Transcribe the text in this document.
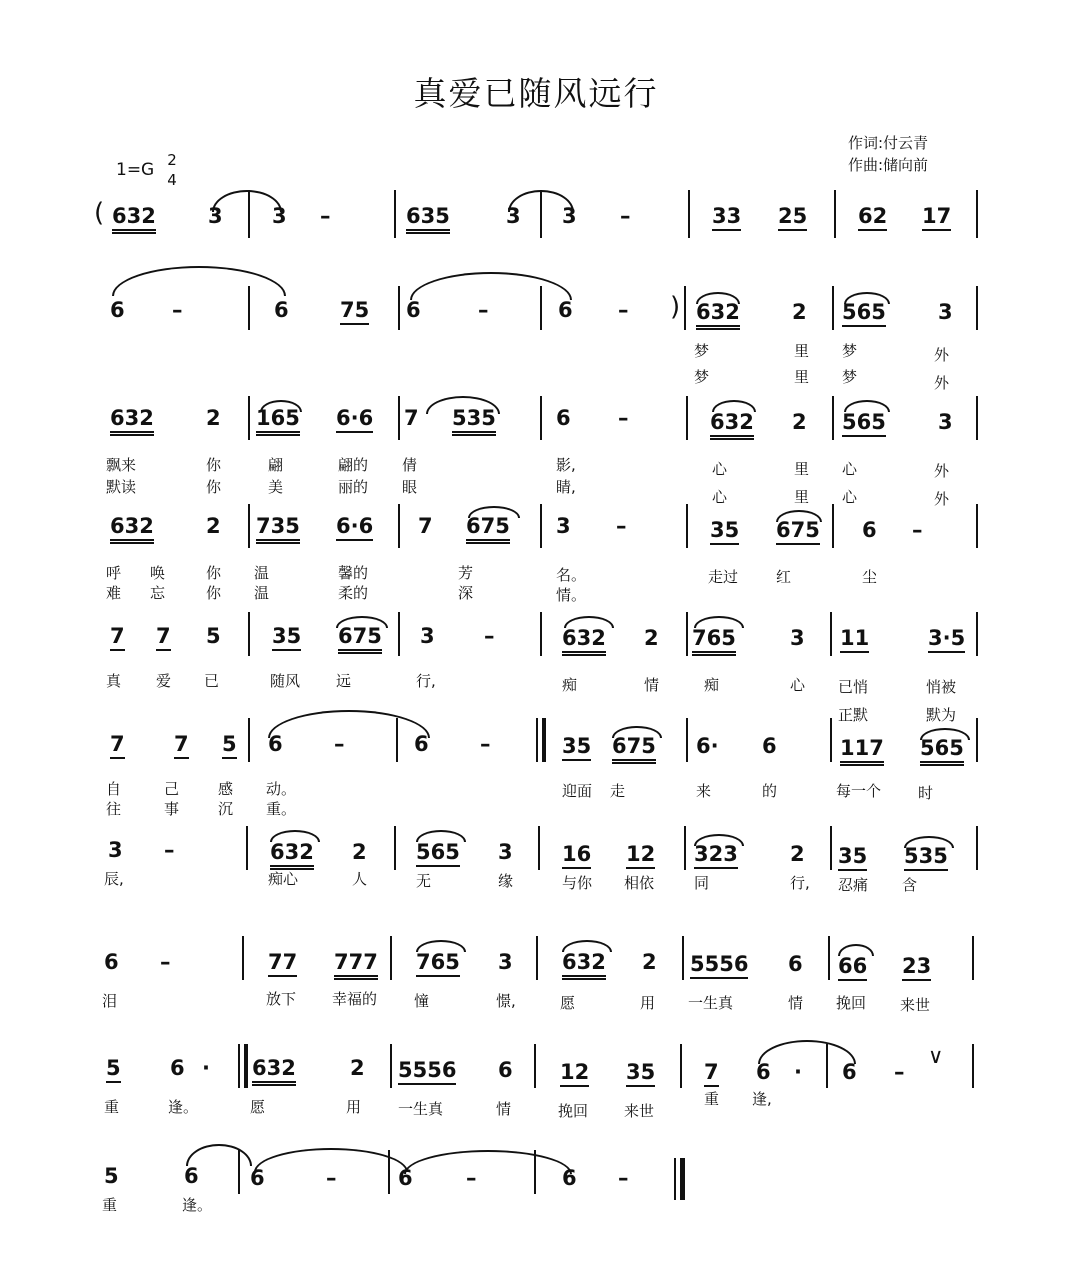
真爱已随风远行
作词:付云青
作曲:储向前
1=G 2
4
( 632 3 3 –	635	3 3 –	33 25 62 17
6 –	6 75 6	–	6 – ) 632 2 565 3
梦	里 梦	外
梦	里 梦	外
632 2 165 6·6 7 535	6 –	632 2 565 3
飘来	你	翩	翩的 倩	影,	心	里 心	外
默读	你	美	丽的 眼	睛,
心	里 心	外
632 2 735 6·6 7 675 3 –	35 675 6 –
呼 唤	你 温	馨的	芳	名。	走过	红	尘
难 忘	你 温	柔的	深	情。
7 7 5 35 675 3 –	632 2 765	3 11	3·5
真 爱 已	随风 远	行,	痴	情	痴	心 已悄	悄被
正默	默为
7 7 5 6 –	6 –	35 675 6· 6	117 565
自	己	感 动。	迎面 走	来	的	每一个 时
往	事	沉 重。
3 –	632 2 565 3 16 12 323 2 35 535
辰,	痴心	人	无	缘	与你 相依	同	行, 忍痛 含
6 –	77 777 765 3 632 2 5556 6 66 23
泪	放下 幸福的 憧	憬,	愿	用 一生真	情 挽回 来世
5 6 · 632	2 5556 6 12 35 7 6 · 6 –
∨
重	逢。	愿	用 一生真	情	挽回 来世
重 逢,
5	6 6	–	6	–	6 –
重	逢。
